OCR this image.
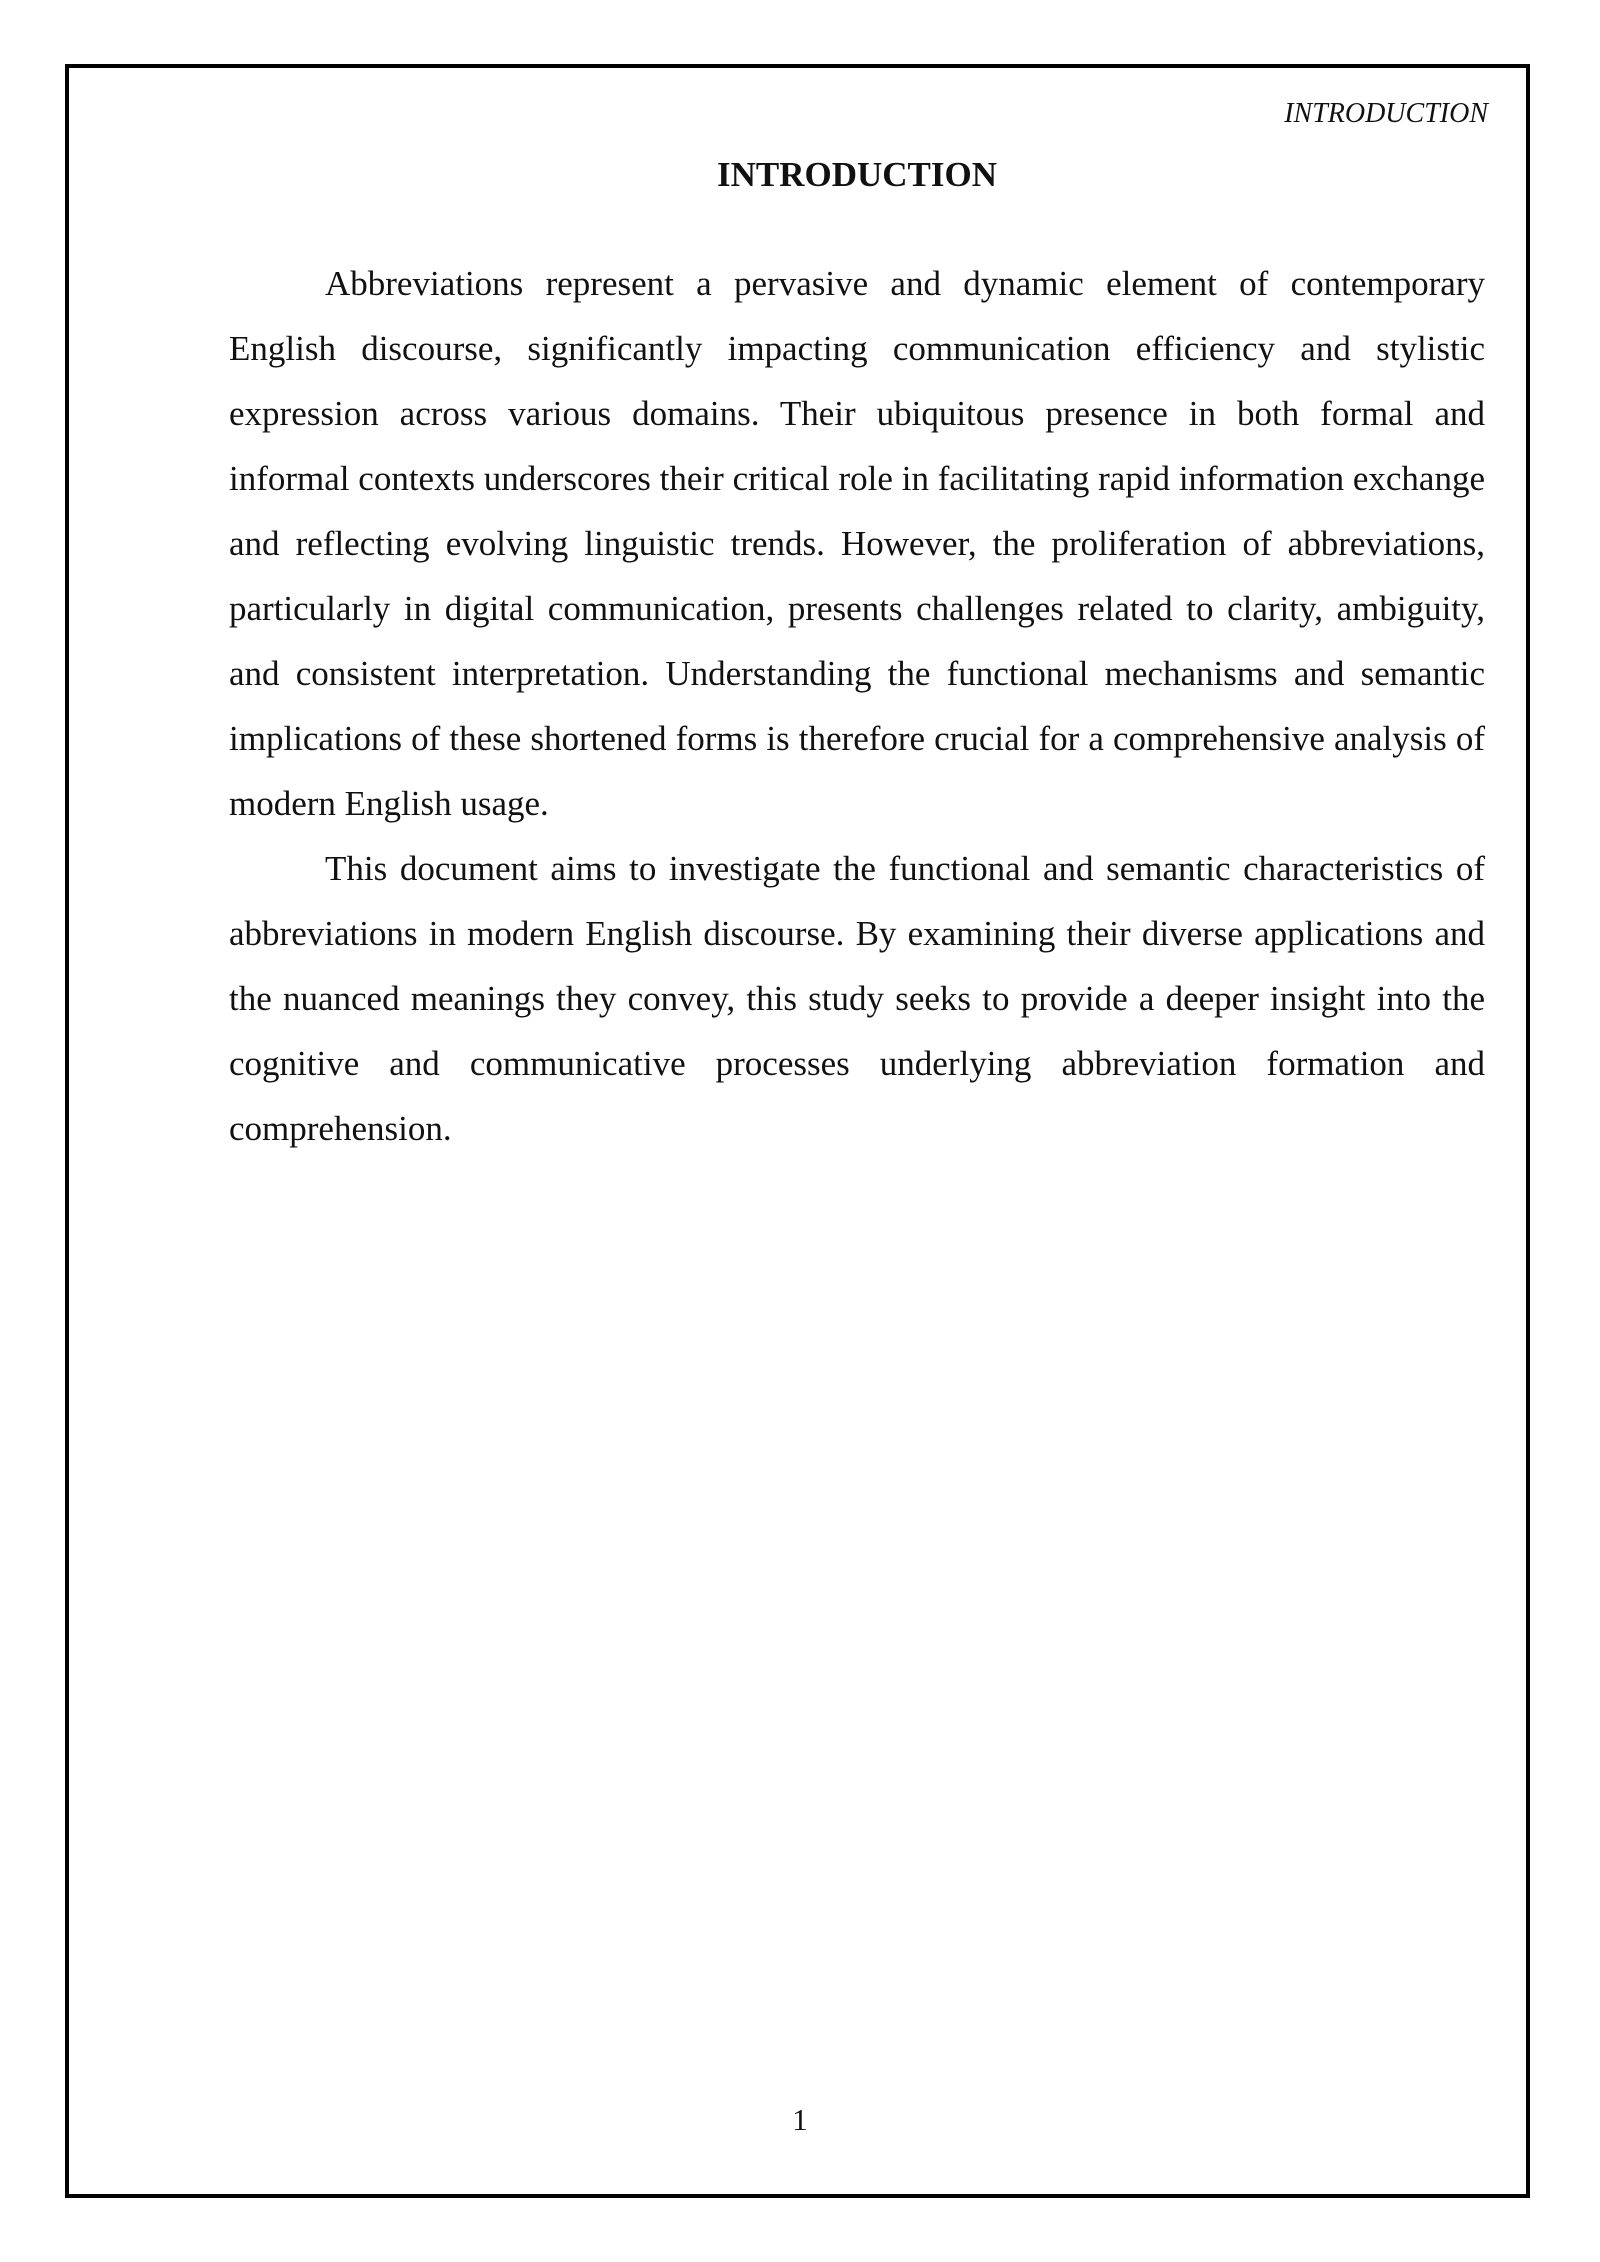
INTRODUCTION
INTRODUCTION

Abbreviations represent a pervasive and dynamic element of contemporary English discourse, significantly impacting communication efficiency and stylistic expression across various domains. Their ubiquitous presence in both formal and informal contexts underscores their critical role in facilitating rapid information exchange and reflecting evolving linguistic trends. However, the proliferation of abbreviations, particularly in digital communication, presents challenges related to clarity, ambiguity, and consistent interpretation. Understanding the functional mechanisms and semantic implications of these shortened forms is therefore crucial for a comprehensive analysis of modern English usage.

This document aims to investigate the functional and semantic characteristics of abbreviations in modern English discourse. By examining their diverse applications and the nuanced meanings they convey, this study seeks to provide a deeper insight into the cognitive and communicative processes underlying abbreviation formation and comprehension.

1
